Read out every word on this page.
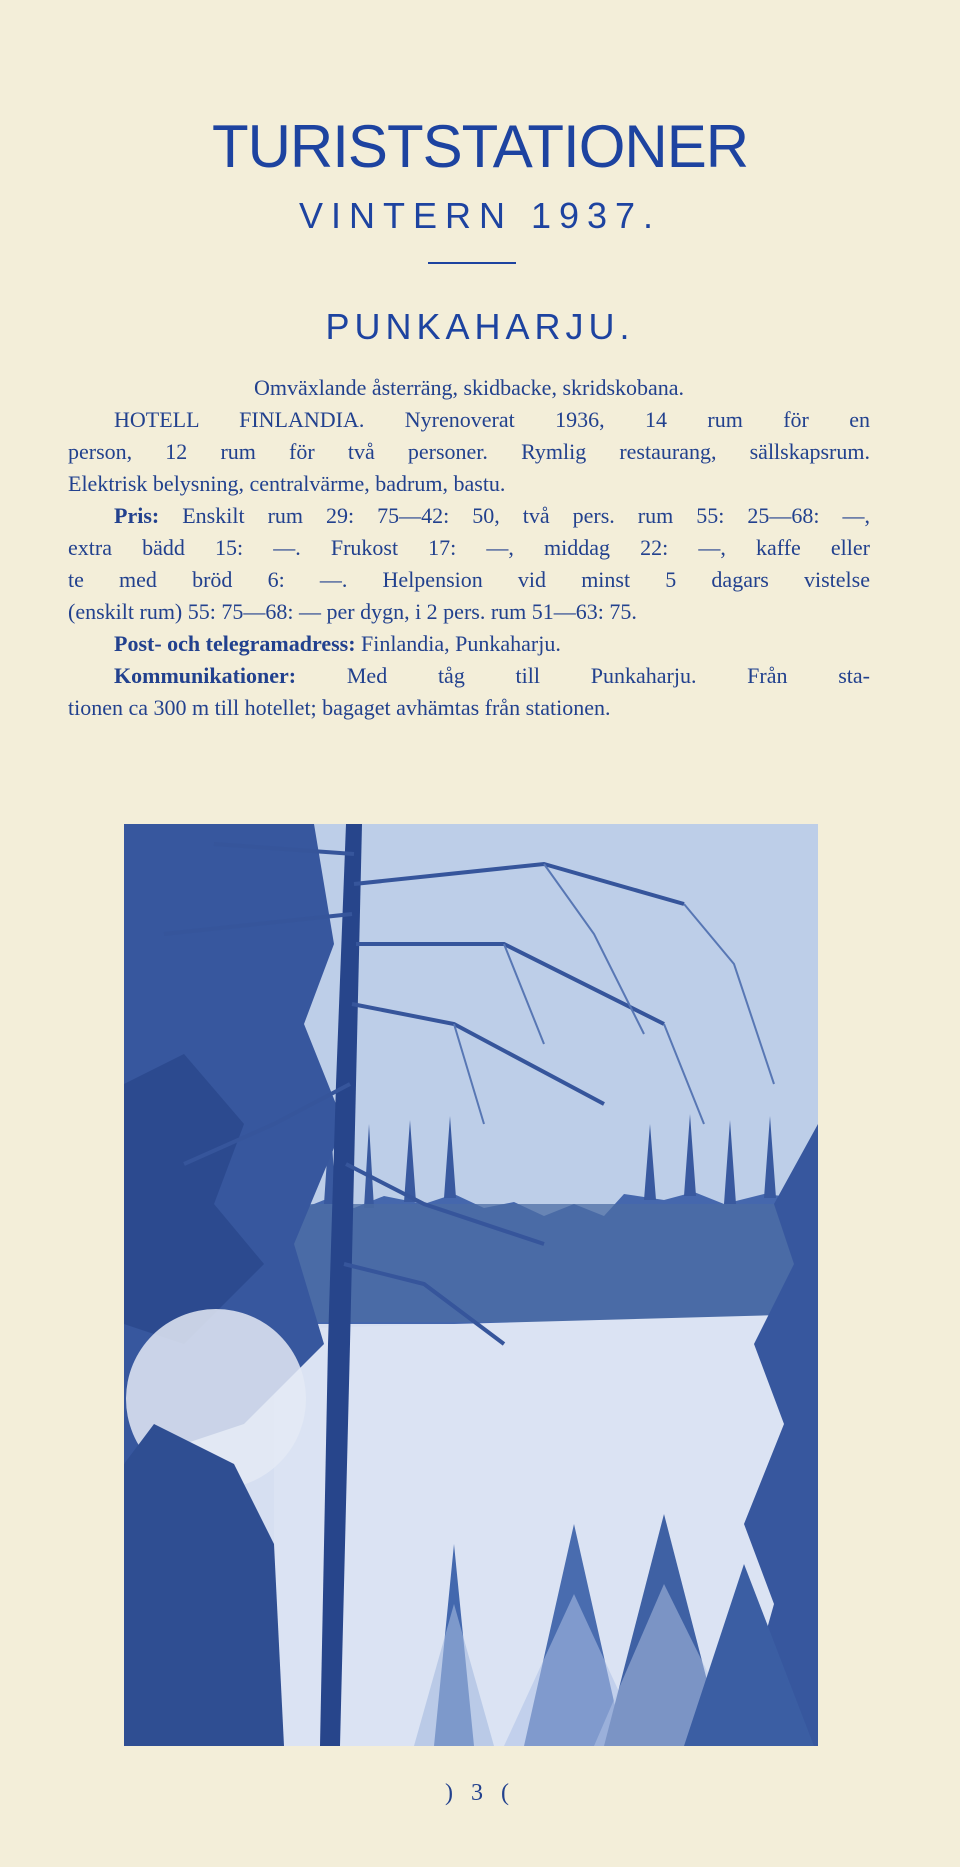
TURISTSTATIONER
VINTERN 1937.
PUNKAHARJU.
Omväxlande åsterräng, skidbacke, skridskobana.
HOTELL FINLANDIA. Nyrenoverat 1936, 14 rum för en
person, 12 rum för två personer. Rymlig restaurang, sällskapsrum.
Elektrisk belysning, centralvärme, badrum, bastu.
Pris: Enskilt rum 29: 75—42: 50, två pers. rum 55: 25—68: —,
extra bädd 15: —. Frukost 17: —, middag 22: —, kaffe eller
te med bröd 6: —. Helpension vid minst 5 dagars vistelse
(enskilt rum) 55: 75—68: — per dygn, i 2 pers. rum 51—63: 75.
Post- och telegramadress: Finlandia, Punkaharju.
Kommunikationer: Med tåg till Punkaharju. Från sta-
tionen ca 300 m till hotellet; bagaget avhämtas från stationen.
) 3 (
